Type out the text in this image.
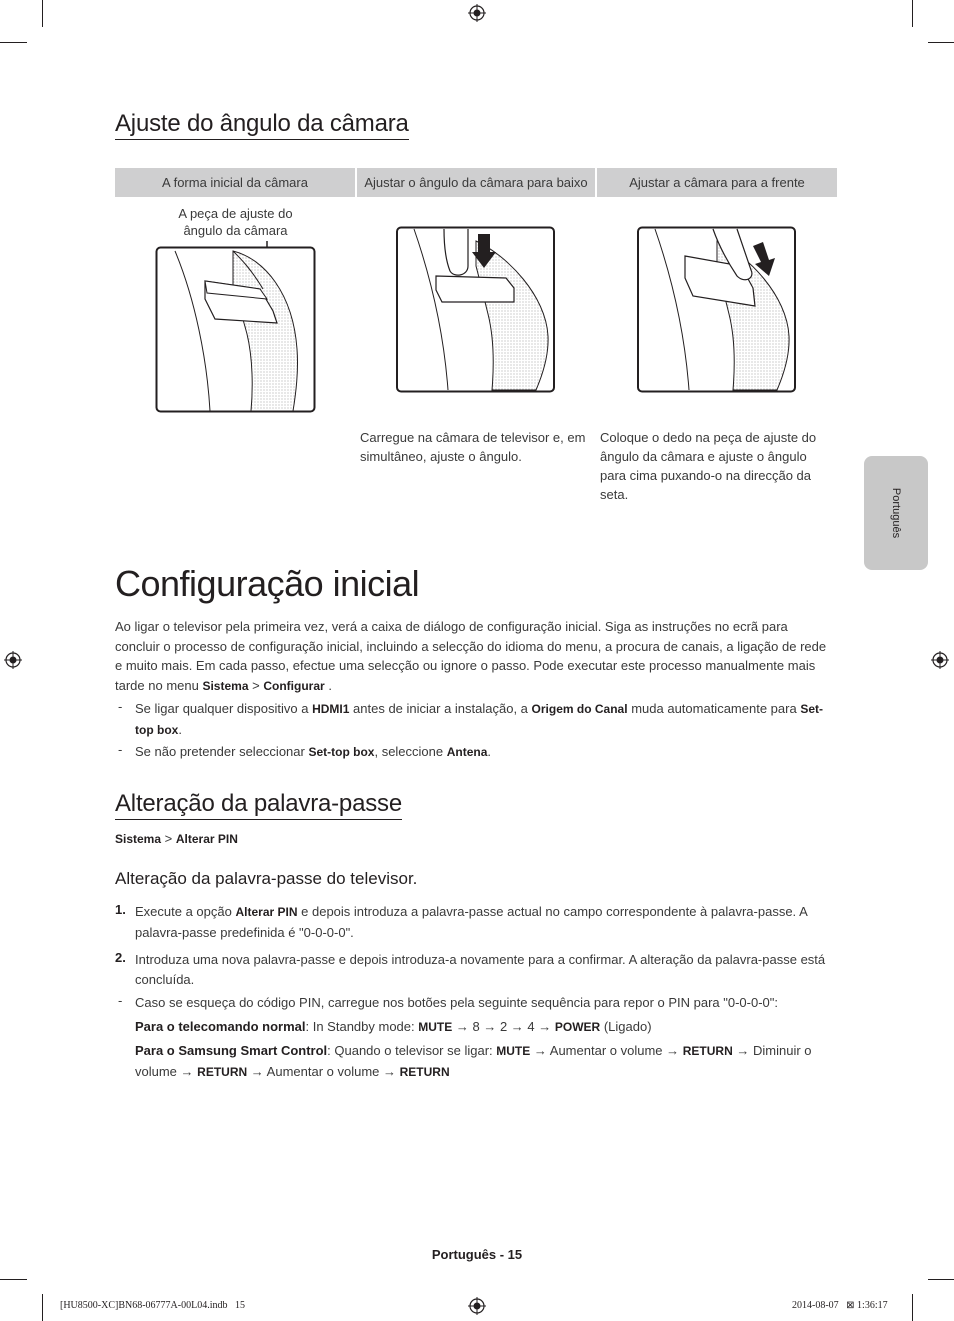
Ajuste do ângulo da câmara
A forma inicial da câmara	Ajustar o ângulo da câmara para baixo	Ajustar a câmara para a frente
A peça de ajuste do ângulo da câmara
Carregue na câmara de televisor e, em simultâneo, ajuste o ângulo.
Coloque o dedo na peça de ajuste do ângulo da câmara e ajuste o ângulo para cima puxando-o na direcção da seta.	Português
Configuração inicial
Ao ligar o televisor pela primeira vez, verá a caixa de diálogo de configuração inicial. Siga as instruções no ecrã para concluir o processo de configuração inicial, incluindo a selecção do idioma do menu, a procura de canais, a ligação de rede e muito mais. Em cada passo, efectue uma selecção ou ignore o passo. Pode executar este processo manualmente mais tarde no menu Sistema > Configurar .
- Se ligar qualquer dispositivo a HDMI1 antes de iniciar a instalação, a Origem do Canal muda automaticamente para Set-top box.
- Se não pretender seleccionar Set-top box, seleccione Antena.
Alteração da palavra-passe
Sistema > Alterar PIN
Alteração da palavra-passe do televisor.
1. Execute a opção Alterar PIN e depois introduza a palavra-passe actual no campo correspondente à palavra-passe. A palavra-passe predefinida é "0-0-0-0".
2. Introduza uma nova palavra-passe e depois introduza-a novamente para a confirmar. A alteração da palavra-passe está concluída.
- Caso se esqueça do código PIN, carregue nos botões pela seguinte sequência para repor o PIN para "0-0-0-0":
Para o telecomando normal: In Standby mode: MUTE → 8 → 2 → 4 → POWER (Ligado)
Para o Samsung Smart Control: Quando o televisor se ligar: MUTE → Aumentar o volume → RETURN → Diminuir o volume → RETURN → Aumentar o volume → RETURN
Português - 15
[HU8500-XC]BN68-06777A-00L04.indb   15	2014-08-07   ⊠ 1:36:17
